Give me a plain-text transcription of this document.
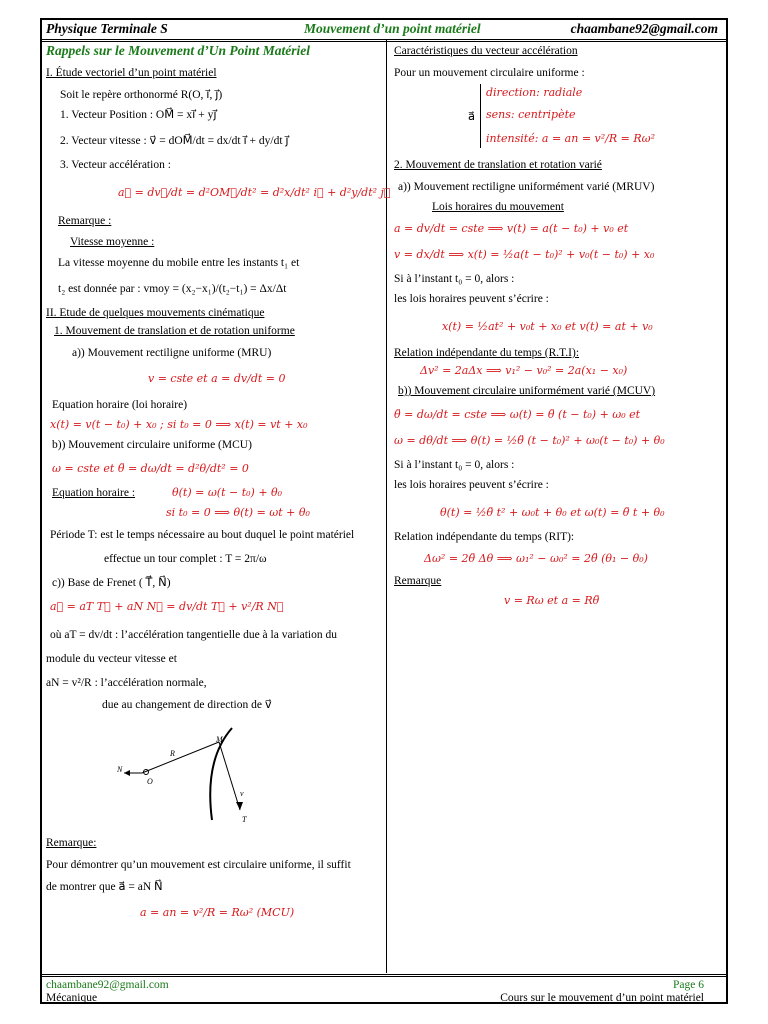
Physique Terminale S	Mouvement d’un point matériel	chaambane92@gmail.com
Rappels sur le Mouvement d’Un Point Matériel
I. Étude vectoriel d’un point matériel
Soit le repère orthonormé R(O, i⃗, j⃗)
1. Vecteur Position : OM⃗ = xi⃗ + yj⃗
2. Vecteur vitesse : v⃗ = dOM⃗/dt = dx/dt i⃗ + dy/dt j⃗
3. Vecteur accélération :
a⃗ = dv⃗/dt = d²OM⃗/dt² = d²x/dt² i⃗ + d²y/dt² j⃗
Remarque :
Vitesse moyenne :
La vitesse moyenne du mobile entre les instants t₁ et
t₂ est donnée par : vmoy = (x₂−x₁)/(t₂−t₁) = Δx/Δt
II. Etude de quelques mouvements cinématique
1. Mouvement de translation et de rotation uniforme
a)) Mouvement rectiligne uniforme (MRU)
v = cste et a = dv/dt = 0
Equation horaire (loi horaire)
x(t) = v(t − t₀) + x₀ ; si t₀ = 0 ⟹ x(t) = vt + x₀
b)) Mouvement circulaire uniforme (MCU)
ω = cste et θ̈ = dω/dt = d²θ/dt² = 0
Equation horaire :	θ(t) = ω(t − t₀) + θ₀
si t₀ = 0 ⟹ θ(t) = ωt + θ₀
Période T: est le temps nécessaire au bout duquel le point matériel
effectue un tour complet : T = 2π/ω
c)) Base de Frenet ( T⃗, N⃗)
a⃗ = aT T⃗ + aN N⃗ = dv/dt T⃗ + v²/R N⃗
où aT = dv/dt : l’accélération tangentielle due à la variation du
module du vecteur vitesse et
aN = v²/R : l’accélération normale,
due au changement de direction de v⃗
R
M
N⃗
O
v⃗
T⃗
Remarque:
Pour démontrer qu’un mouvement est circulaire uniforme, il suffit
de montrer que a⃗ = aN N⃗
a = an = v²/R = Rω² (MCU)
Caractéristiques du vecteur accélération
Pour un mouvement circulaire uniforme :
a⃗
direction: radiale
sens: centripète
intensité: a = an = v²/R = Rω²
2. Mouvement de translation et rotation varié
a)) Mouvement rectiligne uniformément varié (MRUV)
Lois horaires du mouvement
a = dv/dt = cste ⟹ v(t) = a(t − t₀) + v₀ et
v = dx/dt ⟹ x(t) = ½a(t − t₀)² + v₀(t − t₀) + x₀
Si à l’instant t₀ = 0, alors :
les lois horaires peuvent s’écrire :
x(t) = ½at² + v₀t + x₀ et v(t) = at + v₀
Relation indépendante du temps (R.T.I):
Δv² = 2aΔx ⟹ v₁² − v₀² = 2a(x₁ − x₀)
b)) Mouvement circulaire uniformément varié (MCUV)
θ̈ = dω/dt = cste ⟹ ω(t) = θ̈ (t − t₀) + ω₀ et
ω = dθ/dt ⟹ θ(t) = ½θ̈ (t − t₀)² + ω₀(t − t₀) + θ₀
Si à l’instant t₀ = 0, alors :
les lois horaires peuvent s’écrire :
θ(t) = ½θ̈ t² + ω₀t + θ₀ et ω(t) = θ̈ t + θ₀
Relation indépendante du temps (RIT):
Δω² = 2θ̈ Δθ ⟹ ω₁² − ω₀² = 2θ̈ (θ₁ − θ₀)
Remarque
v = Rω et a = Rθ̈
chaambane92@gmail.com	Page 6
Mécanique	Cours sur le mouvement d’un point matériel
